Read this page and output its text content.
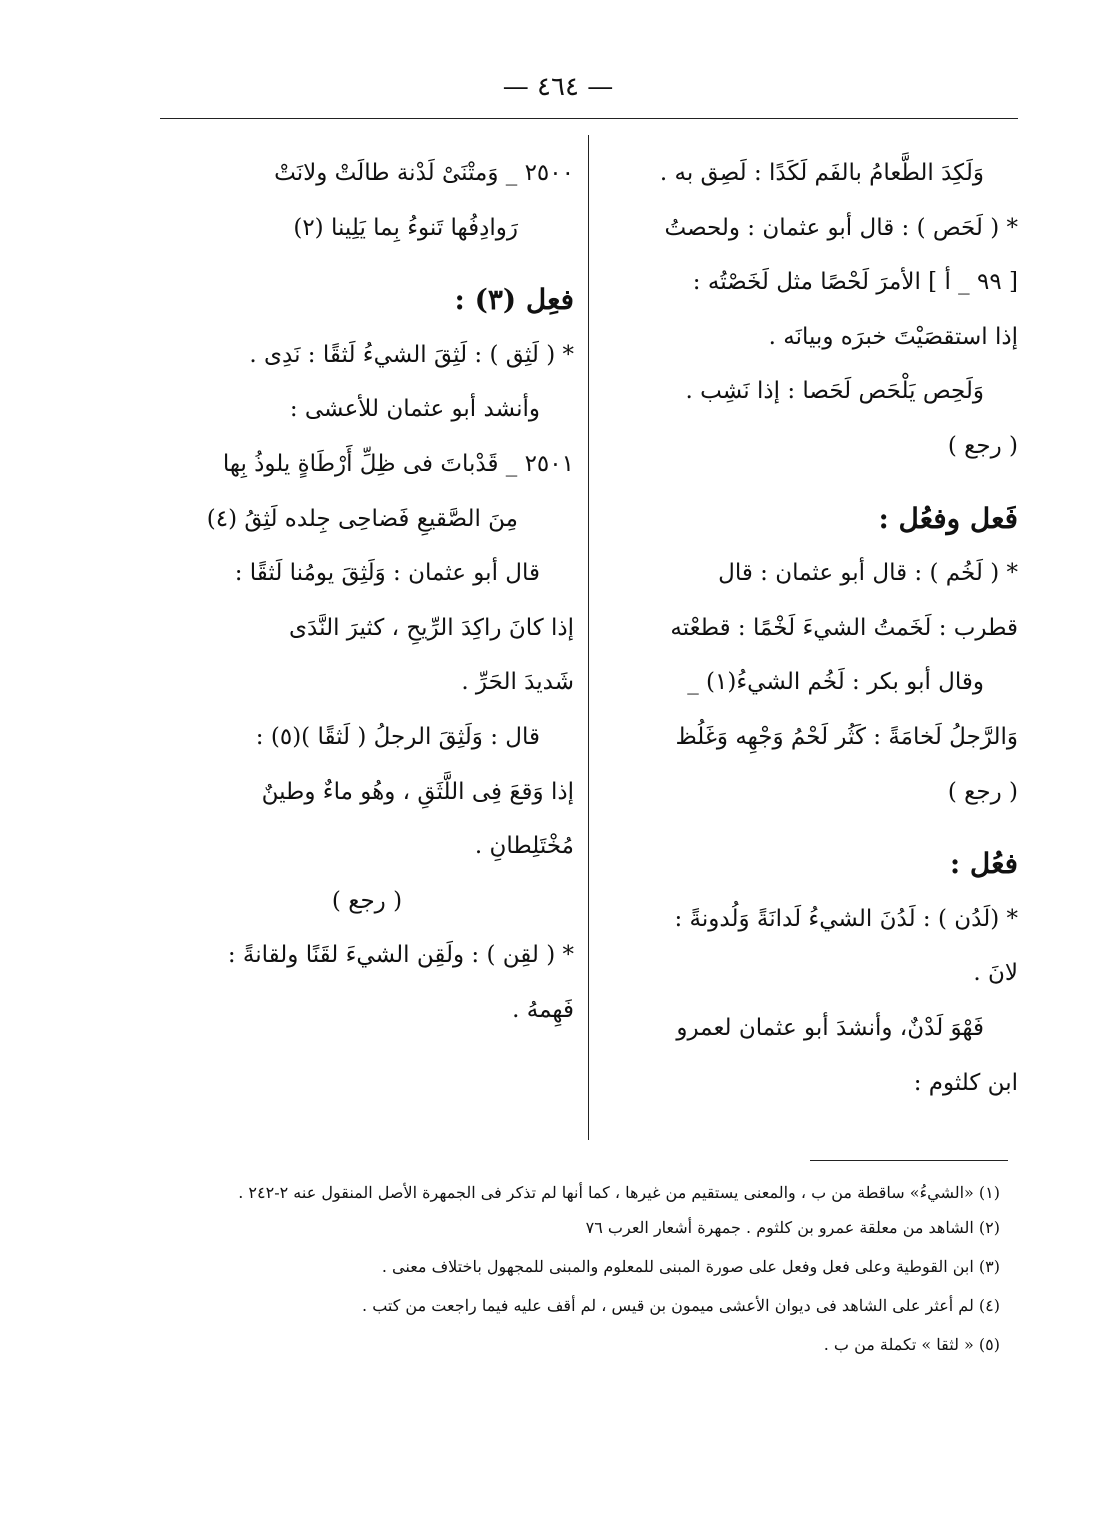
— ٤٦٤ —
وَلَكِدَ الطَّعامُ بالفَم لَكَدًا : لَصِق به .
* ( لَحَص ) : قال أبو عثمان : ولحصتُ
[ ٩٩ _ أ ] الأمرَ لَحْصًا مثل لَخَصْتُه :
إذا استقصَيْتَ خبرَه وبيانَه .
وَلَحِص يَلْحَص لَحَصا : إذا نَشِب .
( رجع )
فَعل وفعُل :
* ( لَخُم ) : قال أبو عثمان : قال
قطرب : لَخَمتُ الشيءَ لَخْمًا : قطعْته
وقال أبو بكر : لَخُم الشيءُ(١) _
وَالرَّجلُ لَخامَةً : كَثُر لَحْمُ وَجْهِه وَغَلُظ
( رجع )
فعُل :
* (لَدُن ) : لَدُنَ الشيءُ لَدانَةً وَلُدونةً :
لانَ .
فَهْوَ لَدْنٌ، وأنشدَ أبو عثمان لعمرو
ابن كلثوم :
٢٥٠٠ _ وَمتْنَىْ لَدْنة طالَتْ ولانَتْ
رَوادِفُها تَنوءُ بِما يَلِينا (٢)
فعِل (٣) :
* ( لَثِق ) : لَثِقَ الشيءُ لَثقًا : نَدِى .
وأنشد أبو عثمان للأعشى :
٢٥٠١ _ قَدْباتَ فى ظِلِّ أَرْطَاةٍ يلوذُ بِها
مِنَ الصَّقيعِ فَضاحِى جِلده لَثِقُ (٤)
قال أبو عثمان : وَلَثِقَ يومُنا لَثقًا :
إذا كانَ راكِدَ الرِّيحِ ، كثيرَ النَّدَى
شَديدَ الحَرِّ .
قال : وَلَثِقَ الرجلُ ( لَثقًا )(٥) :
إذا وَقعَ فِى اللَّثَقِ ، وهُو ماءٌ وطينٌ
مُخْتَلِطانِ .
( رجع )
* ( لقِن ) : ولَقِن الشيءَ لقَنًا ولقانةً :
فَهِمهُ .
(١) «الشيءُ» ساقطة من ب ، والمعنى يستقيم من غيرها ، كما أنها لم تذكر فى الجمهرة الأصل المنقول عنه ٢-٢٤٢ .
(٢) الشاهد من معلقة عمرو بن كلثوم . جمهرة أشعار العرب ٧٦
(٣) ابن القوطية وعلى فعل وفعل على صورة المبنى للمعلوم والمبنى للمجهول باختلاف معنى .
(٤) لم أعثر على الشاهد فى ديوان الأعشى ميمون بن قيس ، لم أقف عليه فيما راجعت من كتب .
(٥) « لثقا » تكملة من ب .
